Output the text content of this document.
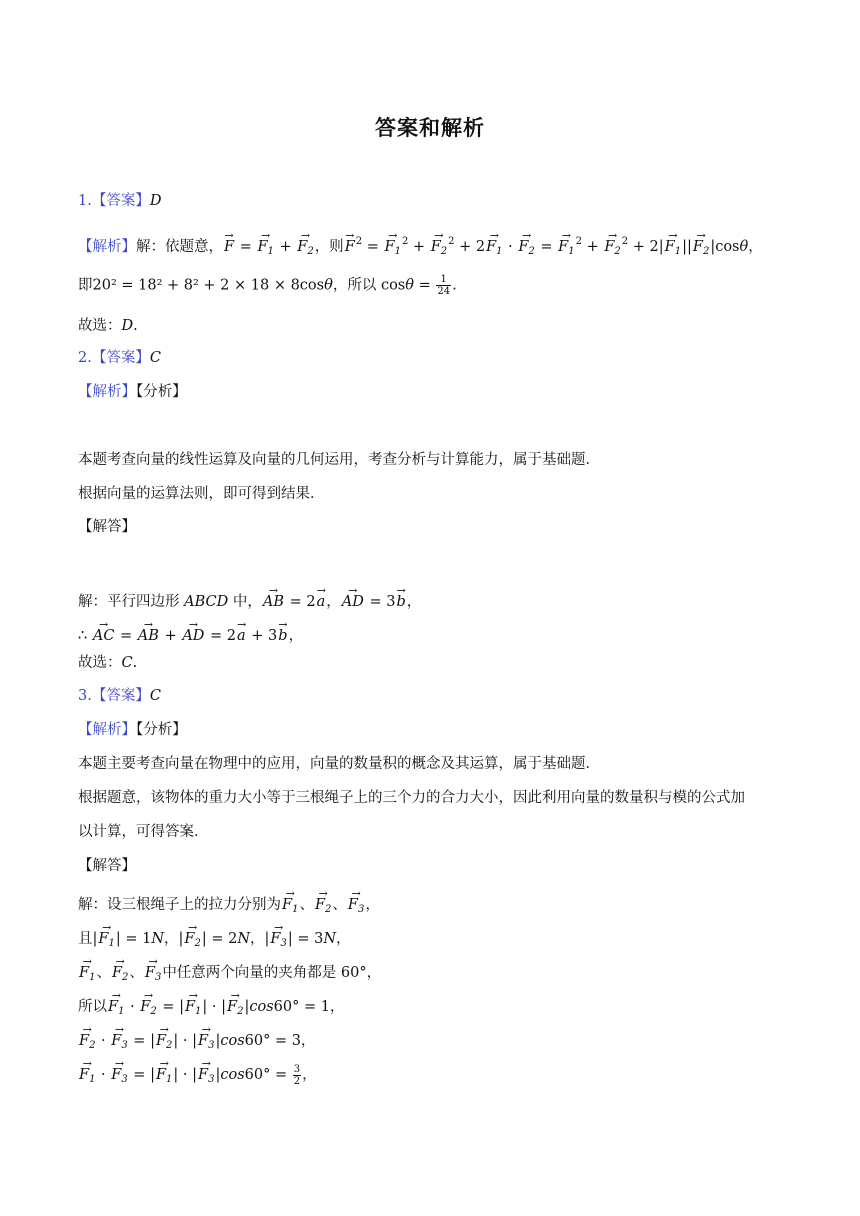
答案和解析
1.【答案】D
【解析】解：依题意，→ F = → $F_1$ + → $F_2$，则→ $F^2$ = → $F_1^2$ + → $F_2^2 + 2\to F_1$ · → $F_2$ = → $F_1^2$ + → $F_2^2 + 2|\to F_1||\to F_2|\cos\theta$，
即20² = 18² + 8² + 2 × 18 × 8cosθ，所以 $\cos\theta = \frac{1}{24}$ .
故选：D.
2.【答案】C
【解析】【分析】
本题考查向量的线性运算及向量的几何运用，考查分析与计算能力，属于基础题．
根据向量的运算法则，即可得到结果．
【解答】
解：平行四边形 ABCD 中，→ AB = 2→ a，→ AD = 3→ b，
∴ → AC = → AB + → AD = 2→ a + 3→ b，
故选：C.
3.【答案】C
【解析】【分析】
本题主要考查向量在物理中的应用，向量的数量积的概念及其运算，属于基础题．
根据题意，该物体的重力大小等于三根绳子上的三个力的合力大小，因此利用向量的数量积与模的公式加
以计算，可得答案．
【解答】
解：设三根绳子上的拉力分别为→ $F_1$、→ $F_2$、→ $F_3$，
且|→ $F_1| = 1N$，|→ $F_2| = 2N$，|→ $F_3| = 3N$，
→ $F_1$、→ $F_2$、→ $F_3$中任意两个向量的夹角都是 60°，
所以→ $F_1$ · → $F_2$ = |→ $F_1|$ · |→ $F_2|\cos 60^\circ = 1$，
→ $F_2$ · → $F_3$ = |→ $F_2|$ · |→ $F_3|\cos 60^\circ = 3$，
→ $F_1$ · → $F_3$ = |→ $F_1|$ · |→ $F_3|\cos 60^\circ = \frac{3}{2}$ ，
